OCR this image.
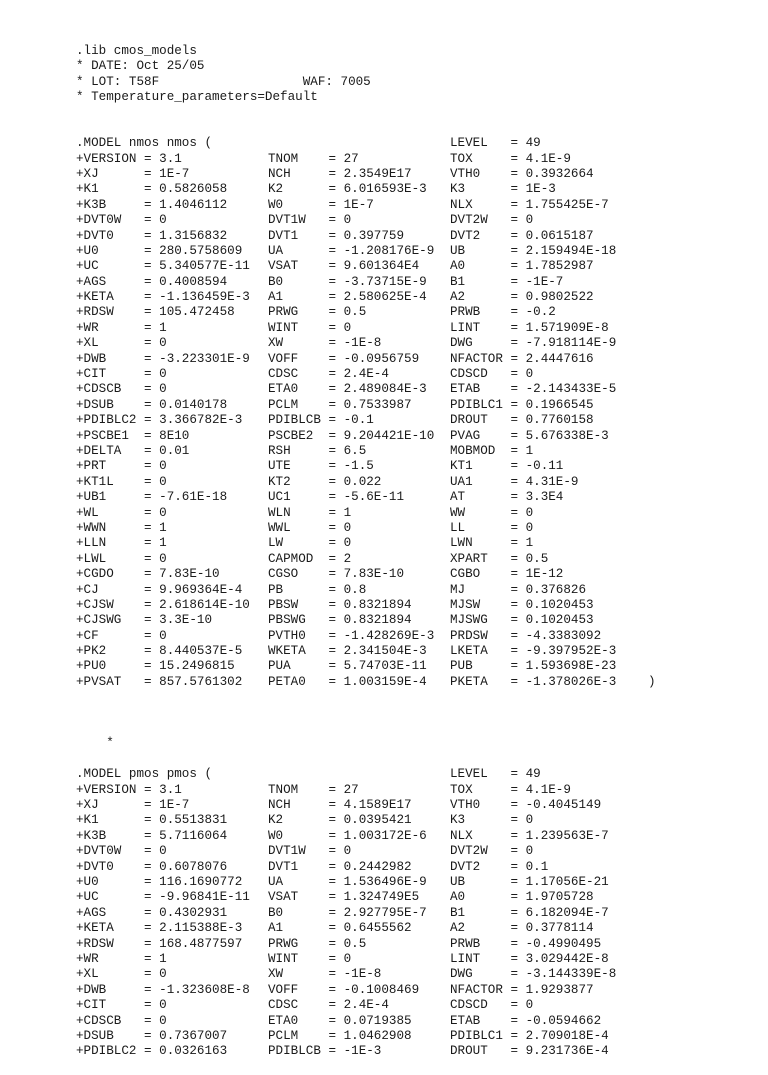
.lib cmos_models
* DATE: Oct 25/05
* LOT: T58F                   WAF: 7005
* Temperature_parameters=Default

.MODEL nmos nmos (	LEVEL   = 49
+VERSION = 3.1	TNOM    = 27	TOX     = 4.1E-9
+XJ      = 1E-7	NCH     = 2.3549E17	VTH0    = 0.3932664
+K1      = 0.5826058	K2      = 6.016593E-3 K3      = 1E-3
+K3B     = 1.4046112	W0      = 1E-7	NLX     = 1.755425E-7
+DVT0W   = 0	DVT1W   = 0	DVT2W   = 0
+DVT0    = 1.3156832	DVT1    = 0.397759	DVT2    = 0.0615187
+U0      = 280.5758609 UA      = -1.208176E-9 UB      = 2.159494E-18
+UC      = 5.340577E-11 VSAT    = 9.601364E4 A0      = 1.7852987
+AGS     = 0.4008594	B0      = -3.73715E-9 B1      = -1E-7
+KETA    = -1.136459E-3 A1      = 2.580625E-4 A2      = 0.9802522
+RDSW    = 105.472458	PRWG    = 0.5	PRWB    = -0.2
+WR      = 1	WINT    = 0	LINT    = 1.571909E-8
+XL      = 0	XW      = -1E-8	DWG     = -7.918114E-9
+DWB     = -3.223301E-9 VOFF    = -0.0956759 NFACTOR = 2.4447616
+CIT     = 0	CDSC    = 2.4E-4	CDSCD   = 0
+CDSCB   = 0	ETA0    = 2.489084E-3 ETAB    = -2.143433E-5
+DSUB    = 0.0140178	PCLM    = 0.7533987	PDIBLC1 = 0.1966545
+PDIBLC2 = 3.366782E-3 PDIBLCB = -0.1	DROUT   = 0.7760158
+PSCBE1  = 8E10	PSCBE2  = 9.204421E-10 PVAG    = 5.676338E-3
+DELTA   = 0.01	RSH     = 6.5	MOBMOD  = 1
+PRT     = 0	UTE     = -1.5	KT1     = -0.11
+KT1L    = 0	KT2     = 0.022	UA1     = 4.31E-9
+UB1     = -7.61E-18	UC1     = -5.6E-11	AT      = 3.3E4
+WL      = 0	WLN     = 1	WW      = 0
+WWN     = 1	WWL     = 0	LL      = 0
+LLN     = 1	LW      = 0	LWN     = 1
+LWL     = 0	CAPMOD  = 2	XPART   = 0.5
+CGDO    = 7.83E-10	CGSO    = 7.83E-10	CGBO    = 1E-12
+CJ      = 9.969364E-4 PB      = 0.8	MJ      = 0.376826
+CJSW    = 2.618614E-10 PBSW    = 0.8321894	MJSW    = 0.1020453
+CJSWG   = 3.3E-10	PBSWG   = 0.8321894	MJSWG   = 0.1020453
+CF      = 0	PVTH0   = -1.428269E-3 PRDSW   = -4.3383092
+PK2     = 8.440537E-5 WKETA   = 2.341504E-3 LKETA   = -9.397952E-3
+PU0     = 15.2496815	PUA     = 5.74703E-11 PUB     = 1.593698E-23
+PVSAT   = 857.5761302 PETA0   = 1.003159E-4 PKETA   = -1.378026E-3	)

*

.MODEL pmos pmos (	LEVEL   = 49
+VERSION = 3.1	TNOM    = 27	TOX     = 4.1E-9
+XJ      = 1E-7	NCH     = 4.1589E17	VTH0    = -0.4045149
+K1      = 0.5513831	K2      = 0.0395421	K3      = 0
+K3B     = 5.7116064	W0      = 1.003172E-6 NLX     = 1.239563E-7
+DVT0W   = 0	DVT1W   = 0	DVT2W   = 0
+DVT0    = 0.6078076	DVT1    = 0.2442982	DVT2    = 0.1
+U0      = 116.1690772 UA      = 1.536496E-9 UB      = 1.17056E-21
+UC      = -9.96841E-11 VSAT    = 1.324749E5 A0      = 1.9705728
+AGS     = 0.4302931	B0      = 2.927795E-7 B1      = 6.182094E-7
+KETA    = 2.115388E-3 A1      = 0.6455562	A2      = 0.3778114
+RDSW    = 168.4877597 PRWG    = 0.5	PRWB    = -0.4990495
+WR      = 1	WINT    = 0	LINT    = 3.029442E-8
+XL      = 0	XW      = -1E-8	DWG     = -3.144339E-8
+DWB     = -1.323608E-8 VOFF    = -0.1008469 NFACTOR = 1.9293877
+CIT     = 0	CDSC    = 2.4E-4	CDSCD   = 0
+CDSCB   = 0	ETA0    = 0.0719385	ETAB    = -0.0594662
+DSUB    = 0.7367007	PCLM    = 1.0462908	PDIBLC1 = 2.709018E-4
+PDIBLC2 = 0.0326163	PDIBLCB = -1E-3	DROUT   = 9.231736E-4
